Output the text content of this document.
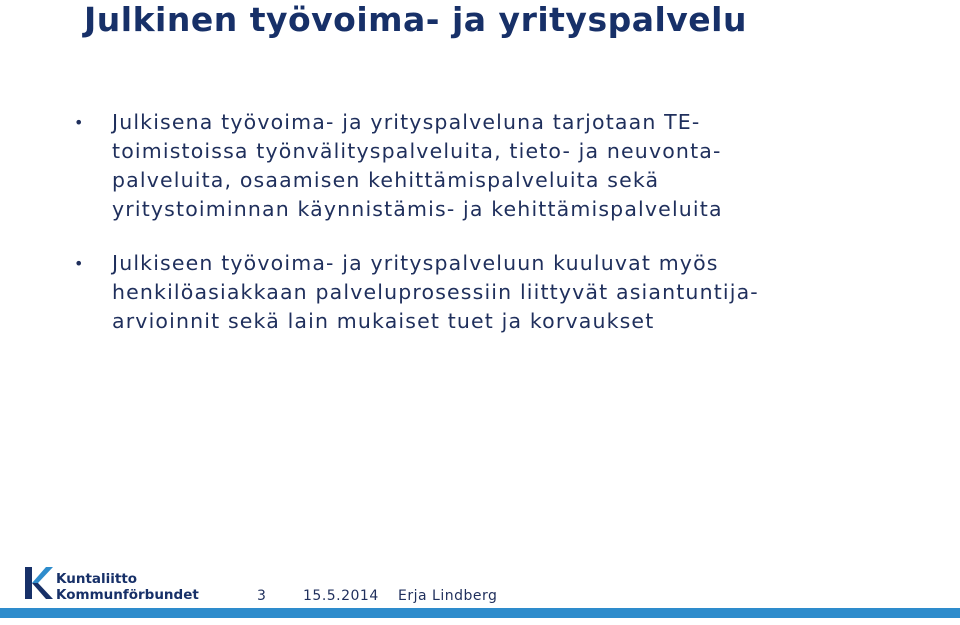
Julkinen työvoima- ja yrityspalvelu
• Julkisena työvoima- ja yrityspalveluna tarjotaan TE-
toimistoissa työnvälityspalveluita, tieto- ja neuvonta-
palveluita, osaamisen kehittämispalveluita sekä
yritystoiminnan käynnistämis- ja kehittämispalveluita
• Julkiseen työvoima- ja yrityspalveluun kuuluvat myös
henkilöasiakkaan palveluprosessiin liittyvät asiantuntija-
arvioinnit sekä lain mukaiset tuet ja korvaukset
Kuntaliitto
Kommunförbundet	3	15.5.2014 Erja Lindberg
